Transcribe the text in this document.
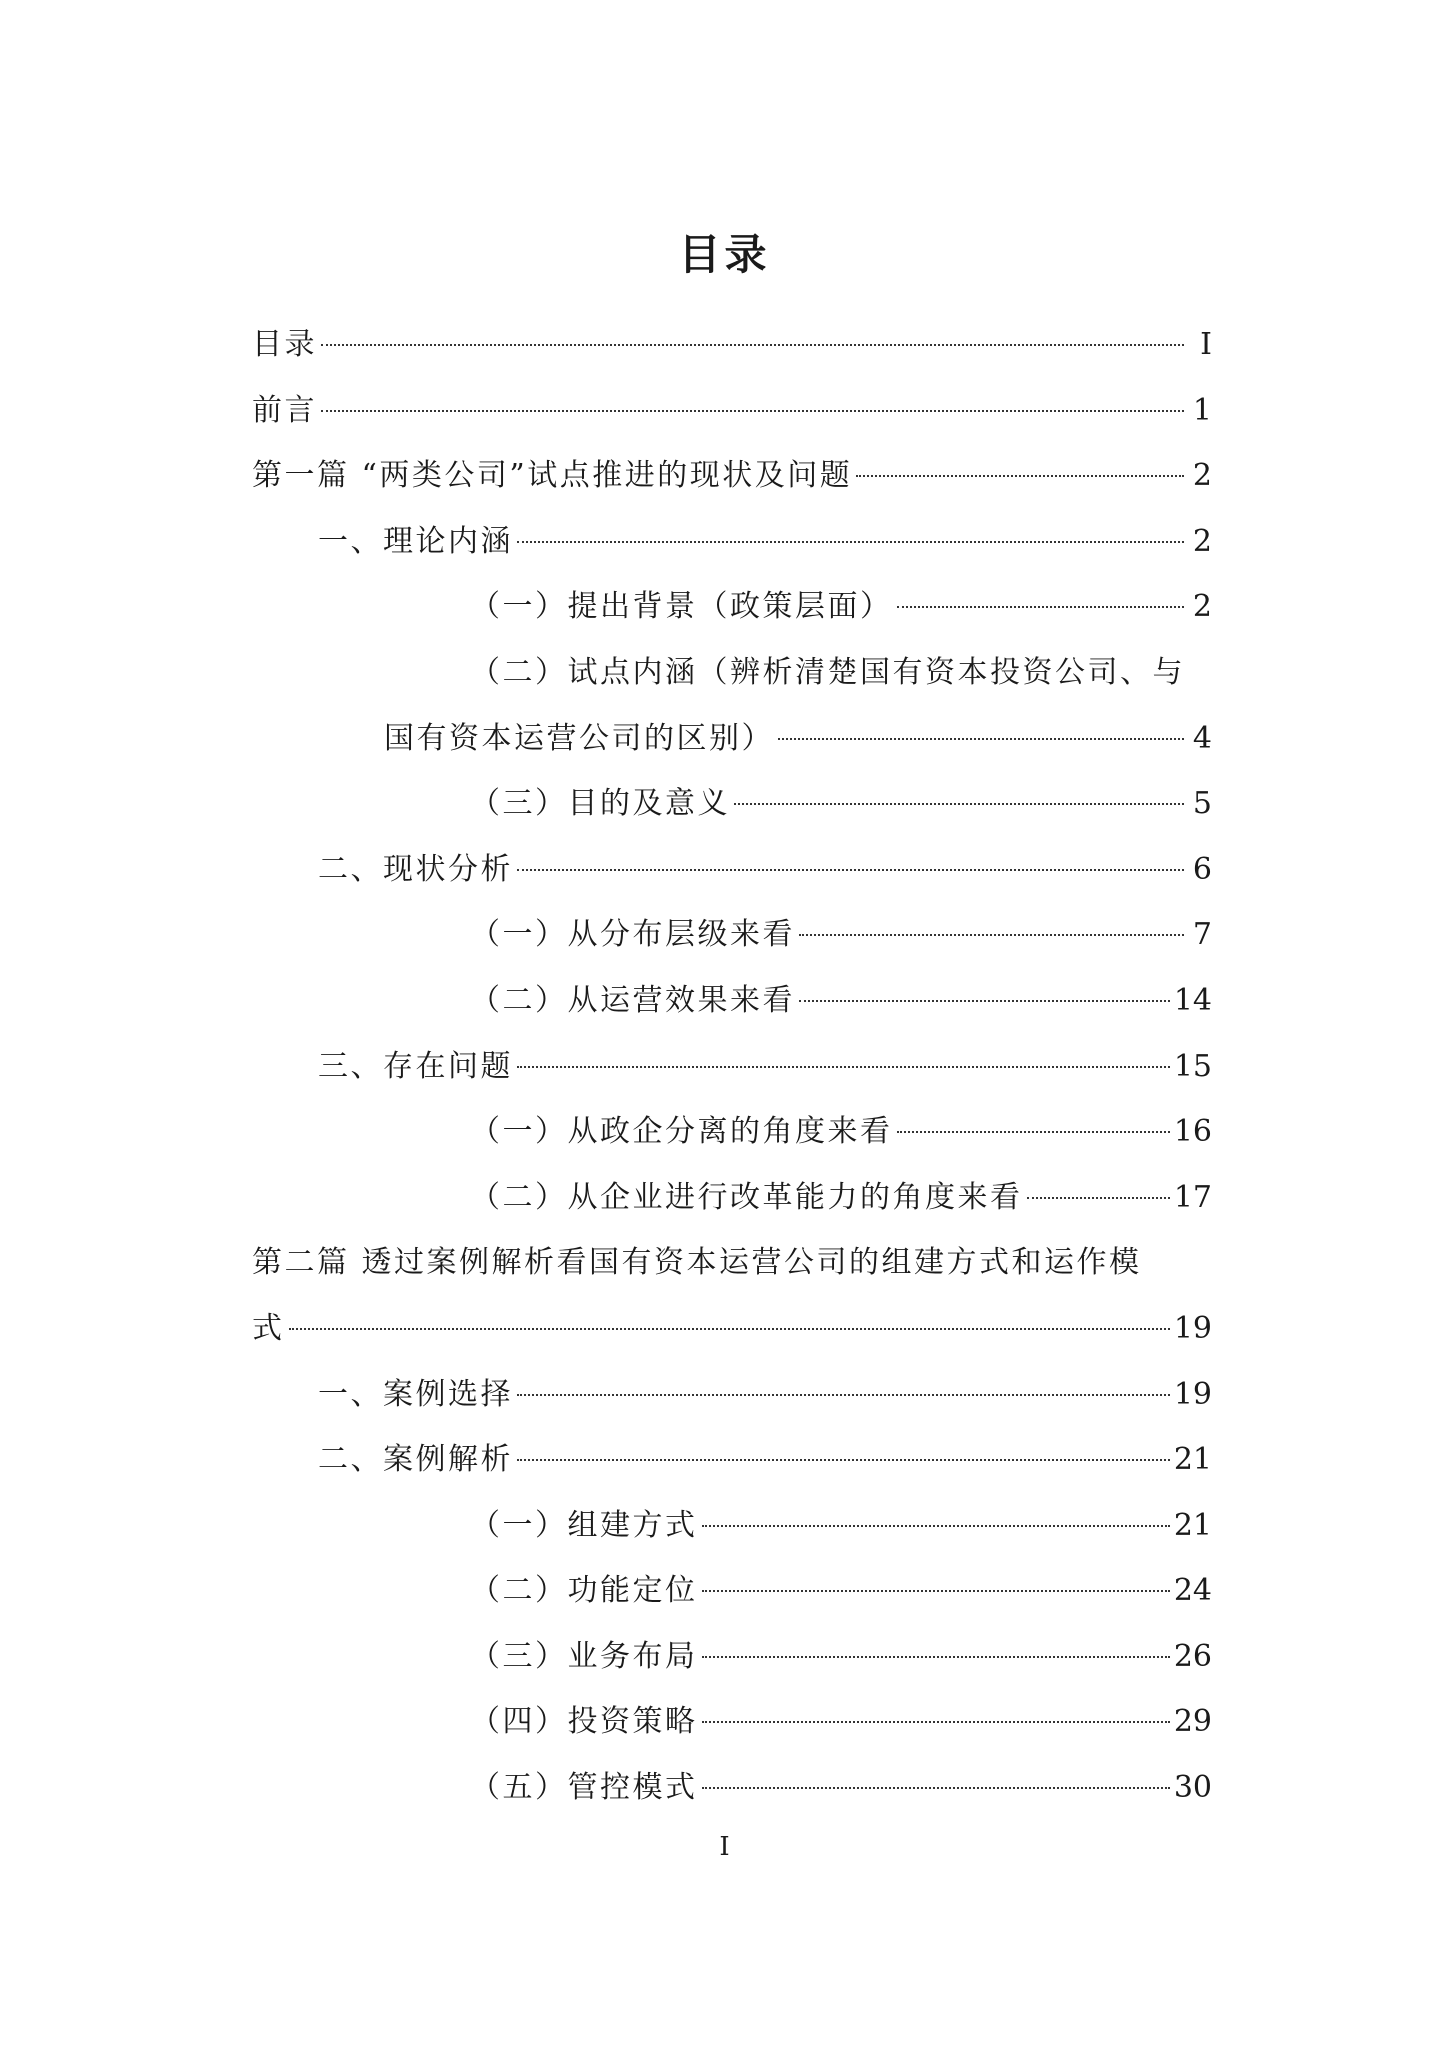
目录
目录	I
前言	1
第一篇 “两类公司”试点推进的现状及问题	2
一、理论内涵	2
（一）提出背景（政策层面）	2
（二）试点内涵（辨析清楚国有资本投资公司、与
国有资本运营公司的区别）	4
（三）目的及意义	5
二、现状分析	6
（一）从分布层级来看	7
（二）从运营效果来看	14
三、存在问题	15
（一）从政企分离的角度来看	16
（二）从企业进行改革能力的角度来看	17
第二篇 透过案例解析看国有资本运营公司的组建方式和运作模
式	19
一、案例选择	19
二、案例解析	21
（一）组建方式	21
（二）功能定位	24
（三）业务布局	26
（四）投资策略	29
（五）管控模式	30
I
